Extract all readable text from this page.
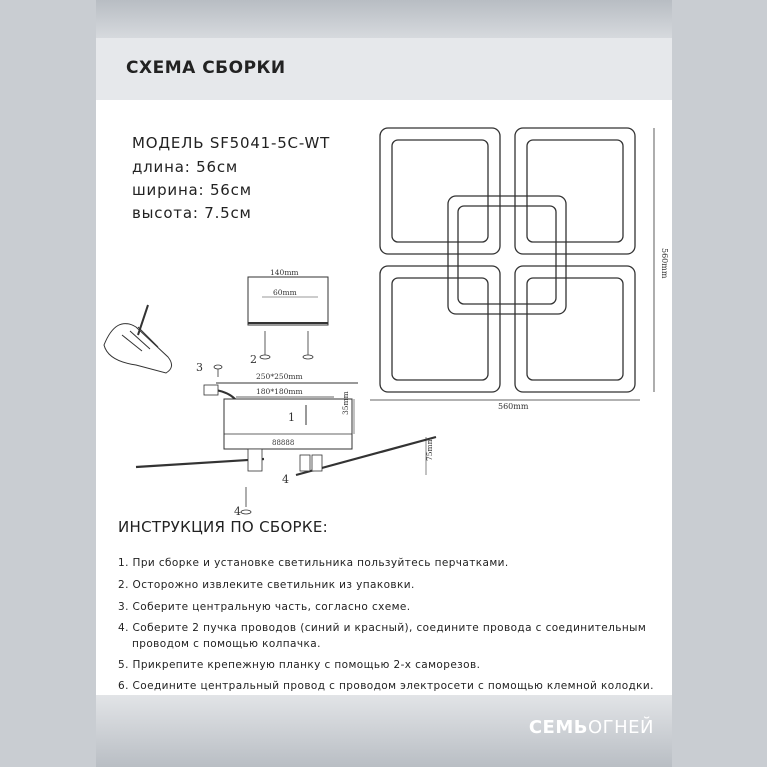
СХЕМА СБОРКИ
МОДЕЛЬ SF5041-5C-WT
длина: 56см
ширина: 56см
высота: 7.5см
560mm
560mm
140mm
60mm
2
3
250*250mm
180*180mm
88888
1
35mm
75mm
4
4
ИНСТРУКЦИЯ ПО СБОРКЕ:
1. При сборке и установке светильника пользуйтесь перчатками.
2. Осторожно извлеките светильник из упаковки.
3. Соберите центральную часть, согласно схеме.
4. Соберите 2 пучка проводов (синий и красный), соедините провода с соединительным
проводом с помощью колпачка.
5. Прикрепите крепежную планку с помощью 2-х саморезов.
6. Соедините центральный провод с проводом электросети с помощью клемной колодки.
СЕМЬОГНЕЙ
